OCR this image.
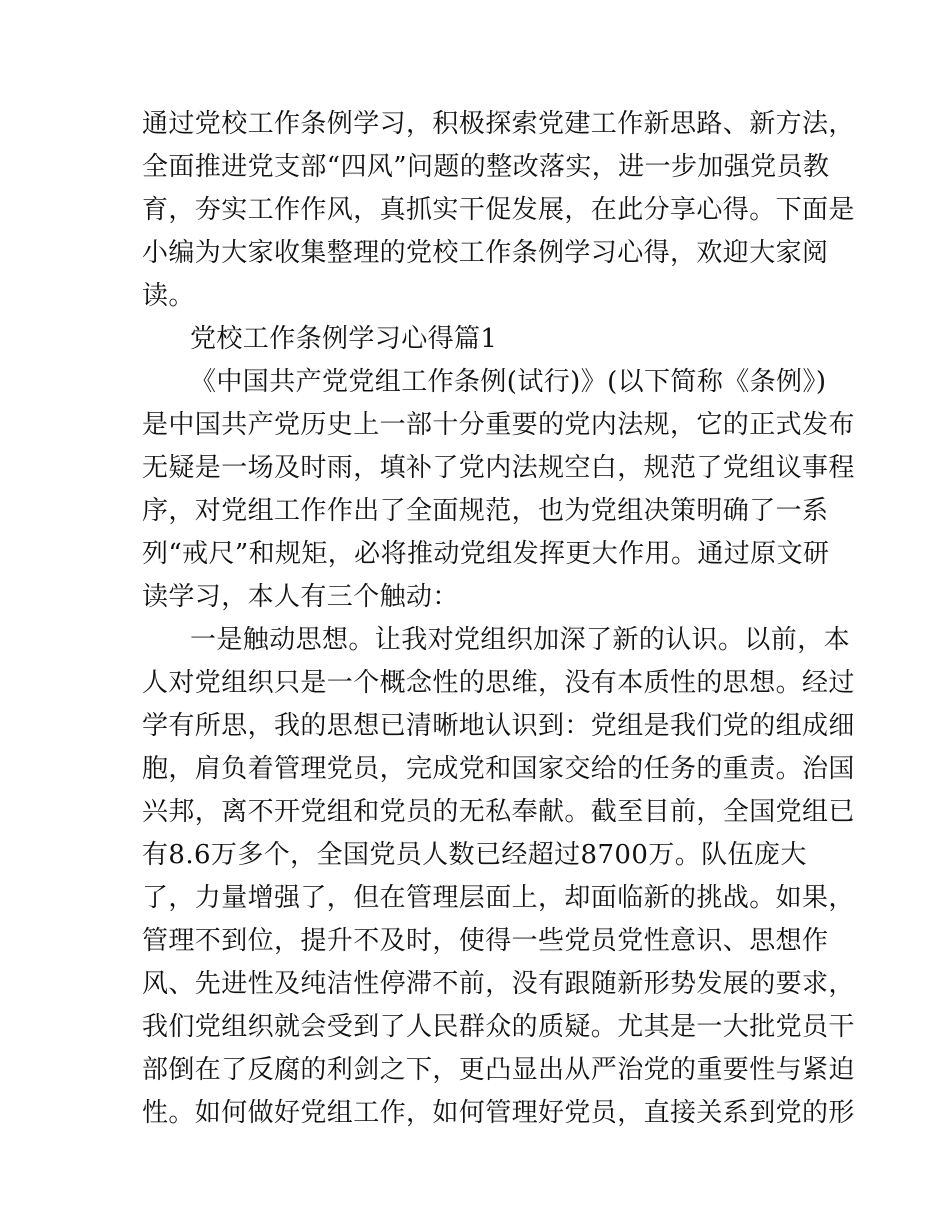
通过党校工作条例学习，积极探索党建工作新思路、新方法，
全面推进党支部“四风”问题的整改落实，进一步加强党员教
育，夯实工作作风，真抓实干促发展，在此分享心得。下面是
小编为大家收集整理的党校工作条例学习心得，欢迎大家阅
读。
党校工作条例学习心得篇1
《中国共产党党组工作条例(试行)》(以下简称《条例》)
是中国共产党历史上一部十分重要的党内法规，它的正式发布
无疑是一场及时雨，填补了党内法规空白，规范了党组议事程
序，对党组工作作出了全面规范，也为党组决策明确了一系
列“戒尺”和规矩，必将推动党组发挥更大作用。通过原文研
读学习，本人有三个触动：
一是触动思想。让我对党组织加深了新的认识。以前，本
人对党组织只是一个概念性的思维，没有本质性的思想。经过
学有所思，我的思想已清晰地认识到：党组是我们党的组成细
胞，肩负着管理党员，完成党和国家交给的任务的重责。治国
兴邦，离不开党组和党员的无私奉献。截至目前，全国党组已
有8.6万多个，全国党员人数已经超过8700万。队伍庞大
了，力量增强了，但在管理层面上，却面临新的挑战。如果，
管理不到位，提升不及时，使得一些党员党性意识、思想作
风、先进性及纯洁性停滞不前，没有跟随新形势发展的要求，
我们党组织就会受到了人民群众的质疑。尤其是一大批党员干
部倒在了反腐的利剑之下，更凸显出从严治党的重要性与紧迫
性。如何做好党组工作，如何管理好党员，直接关系到党的形
